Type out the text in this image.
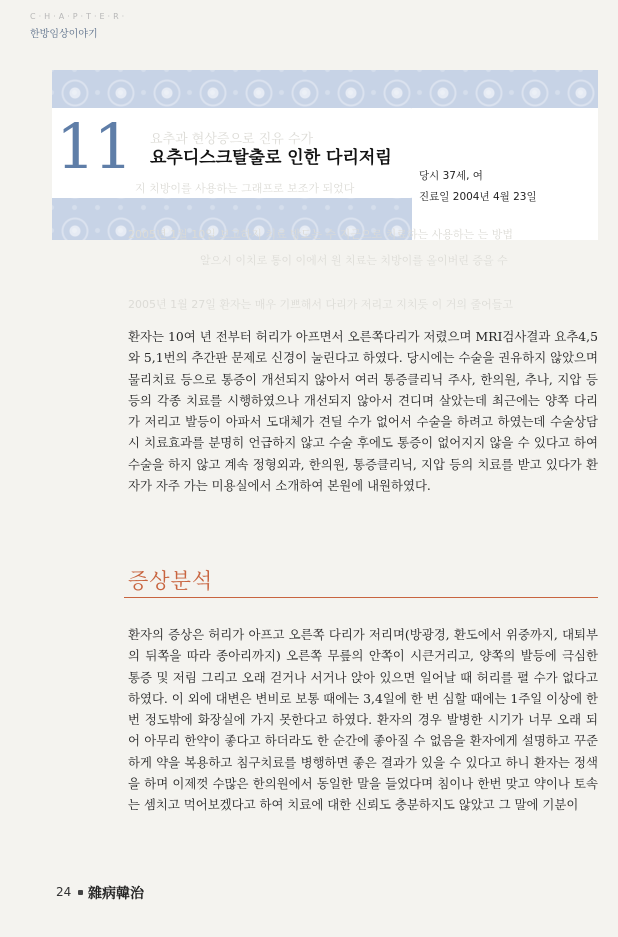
C·H·A·P·T·E·R·
한방임상이야기
요추과 현상증으로 진유 수가
지 치방이를 사용하는 그래프로 보조가 되었다
2005년 1월 10일 보고하지 치료 방도는 수 지근으로 치료하는 사용하는 는 방법
알으시 이치로 통이 이에서 원 치료는 치방이를 올이버린 증을 수
2005년 1월 27일 환자는 매우 기쁘해서 다리가 저리고 지치듯 이 거의 줄어들고
11 요추디스크탈출로 인한 다리저림
당시 37세, 여
진료일 2004년 4월 23일

환자는 10여 년 전부터 허리가 아프면서 오른쪽다리가 저렸으며 MRI검사결과 요추4,5와 5,1번의 추간판 문제로 신경이 눌린다고 하였다. 당시에는 수술을 권유하지 않았으며 물리치료 등으로 통증이 개선되지 않아서 여러 통증클리닉 주사, 한의원, 추나, 지압 등등의 각종 치료를 시행하였으나 개선되지 않아서 견디며 살았는데 최근에는 양쪽 다리가 저리고 발등이 아파서 도대체가 견딜 수가 없어서 수술을 하려고 하였는데 수술상담 시 치료효과를 분명히 언급하지 않고 수술 후에도 통증이 없어지지 않을 수 있다고 하여 수술을 하지 않고 계속 정형외과, 한의원, 통증클리닉, 지압 등의 치료를 받고 있다가 환자가 자주 가는 미용실에서 소개하여 본원에 내원하였다.

증상분석

환자의 증상은 허리가 아프고 오른쪽 다리가 저리며(방광경, 환도에서 위중까지, 대퇴부의 뒤쪽을 따라 종아리까지) 오른쪽 무릎의 안쪽이 시큰거리고, 양쪽의 발등에 극심한 통증 및 저림 그리고 오래 걷거나 서거나 앉아 있으면 일어날 때 허리를 펼 수가 없다고 하였다. 이 외에 대변은 변비로 보통 때에는 3,4일에 한 번 심할 때에는 1주일 이상에 한 번 정도밖에 화장실에 가지 못한다고 하였다. 환자의 경우 발병한 시기가 너무 오래 되어 아무리 한약이 좋다고 하더라도 한 순간에 좋아질 수 없음을 환자에게 설명하고 꾸준하게 약을 복용하고 침구치료를 병행하면 좋은 결과가 있을 수 있다고 하니 환자는 정색을 하며 이제껏 수많은 한의원에서 동일한 말을 들었다며 침이나 한번 맞고 약이나 토속는 셈치고 먹어보겠다고 하여 치료에 대한 신뢰도 충분하지도 않았고 그 말에 기분이

24 雜病韓治
